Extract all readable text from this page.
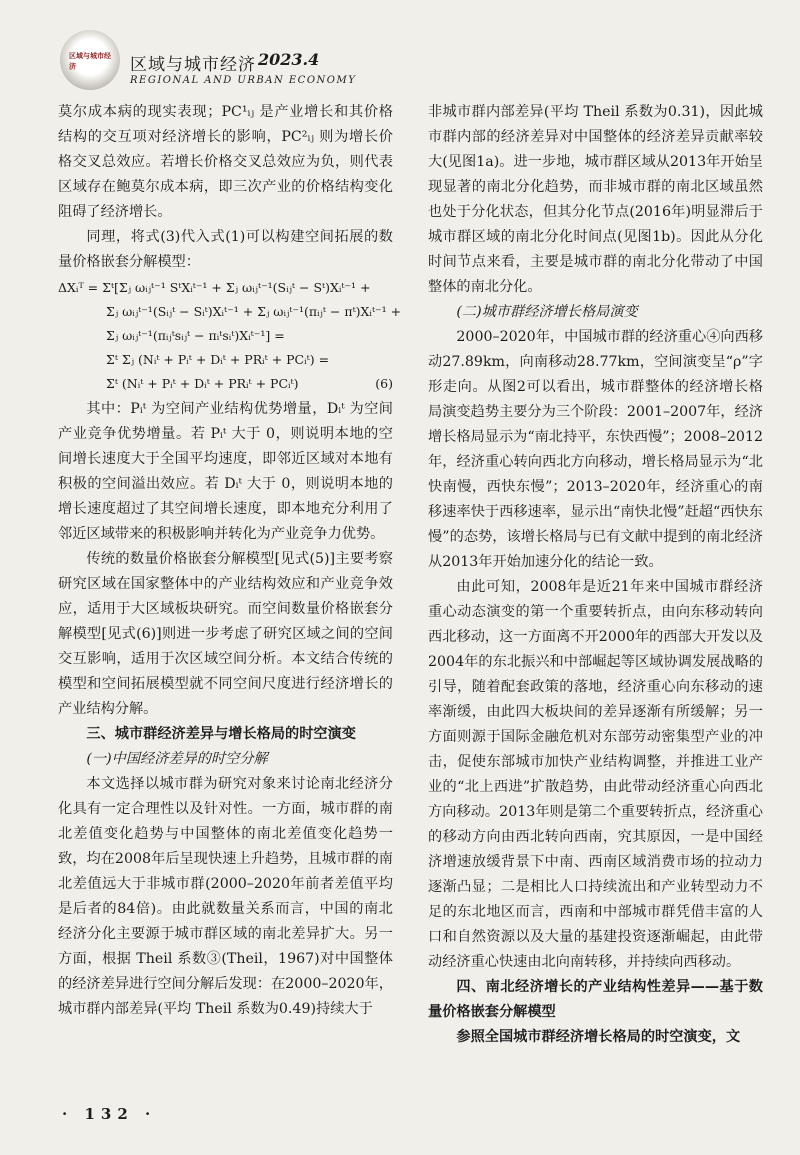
区域与城市经济	区域与城市经济 2023.4
REGIONAL AND URBAN ECONOMY

莫尔成本病的现实表现；PC¹ᵢⱼ 是产业增长和其价格结构的交互项对经济增长的影响，PC²ᵢⱼ 则为增长价格交叉总效应。若增长价格交叉总效应为负，则代表区域存在鲍莫尔成本病，即三次产业的价格结构变化阻碍了经济增长。

同理，将式(3)代入式(1)可以构建空间拓展的数量价格嵌套分解模型：

ΔXᵢᵀ = Σᵗ[Σⱼ ωᵢⱼᵗ⁻¹ SᵗXᵢᵗ⁻¹ + Σⱼ ωᵢⱼᵗ⁻¹(Sᵢⱼᵗ − Sᵗ)Xᵢᵗ⁻¹ +
Σⱼ ωᵢⱼᵗ⁻¹(Sᵢⱼᵗ − Sᵢᵗ)Xᵢᵗ⁻¹ + Σⱼ ωᵢⱼᵗ⁻¹(πᵢⱼᵗ − πᵗ)Xᵢᵗ⁻¹ +
Σⱼ ωᵢⱼᵗ⁻¹(πᵢⱼᵗsᵢⱼᵗ − πᵢᵗsᵢᵗ)Xᵢᵗ⁻¹] =
Σᵗ Σⱼ (Nᵢᵗ + Pᵢᵗ + Dᵢᵗ + PRᵢᵗ + PCᵢᵗ) =
Σᵗ (Nᵢᵗ + Pᵢᵗ + Dᵢᵗ + PRᵢᵗ + PCᵢᵗ)	(6)

其中：Pᵢᵗ 为空间产业结构优势增量，Dᵢᵗ 为空间产业竞争优势增量。若 Pᵢᵗ 大于 0，则说明本地的空间增长速度大于全国平均速度，即邻近区域对本地有积极的空间溢出效应。若 Dᵢᵗ 大于 0，则说明本地的增长速度超过了其空间增长速度，即本地充分利用了邻近区域带来的积极影响并转化为产业竞争力优势。

传统的数量价格嵌套分解模型[见式(5)]主要考察研究区域在国家整体中的产业结构效应和产业竞争效应，适用于大区域板块研究。而空间数量价格嵌套分解模型[见式(6)]则进一步考虑了研究区域之间的空间交互影响，适用于次区域空间分析。本文结合传统的模型和空间拓展模型就不同空间尺度进行经济增长的产业结构分解。

三、城市群经济差异与增长格局的时空演变

(一)中国经济差异的时空分解

本文选择以城市群为研究对象来讨论南北经济分化具有一定合理性以及针对性。一方面，城市群的南北差值变化趋势与中国整体的南北差值变化趋势一致，均在2008年后呈现快速上升趋势，且城市群的南北差值远大于非城市群(2000–2020年前者差值平均是后者的84倍)。由此就数量关系而言，中国的南北经济分化主要源于城市群区域的南北差异扩大。另一方面，根据 Theil 系数③(Theil，1967)对中国整体的经济差异进行空间分解后发现：在2000–2020年，城市群内部差异(平均 Theil 系数为0.49)持续大于

非城市群内部差异(平均 Theil 系数为0.31)，因此城市群内部的经济差异对中国整体的经济差异贡献率较大(见图1a)。进一步地，城市群区域从2013年开始呈现显著的南北分化趋势，而非城市群的南北区域虽然也处于分化状态，但其分化节点(2016年)明显滞后于城市群区域的南北分化时间点(见图1b)。因此从分化时间节点来看，主要是城市群的南北分化带动了中国整体的南北分化。

(二)城市群经济增长格局演变

2000–2020年，中国城市群的经济重心④向西移动27.89km，向南移动28.77km，空间演变呈“ρ”字形走向。从图2可以看出，城市群整体的经济增长格局演变趋势主要分为三个阶段：2001–2007年，经济增长格局显示为“南北持平，东快西慢”；2008–2012年，经济重心转向西北方向移动，增长格局显示为“北快南慢，西快东慢”；2013–2020年，经济重心的南移速率快于西移速率，显示出“南快北慢”赶超“西快东慢”的态势，该增长格局与已有文献中提到的南北经济从2013年开始加速分化的结论一致。

由此可知，2008年是近21年来中国城市群经济重心动态演变的第一个重要转折点，由向东移动转向西北移动，这一方面离不开2000年的西部大开发以及2004年的东北振兴和中部崛起等区域协调发展战略的引导，随着配套政策的落地，经济重心向东移动的速率渐缓，由此四大板块间的差异逐渐有所缓解；另一方面则源于国际金融危机对东部劳动密集型产业的冲击，促使东部城市加快产业结构调整，并推进工业产业的“北上西进”扩散趋势，由此带动经济重心向西北方向移动。2013年则是第二个重要转折点，经济重心的移动方向由西北转向西南，究其原因，一是中国经济增速放缓背景下中南、西南区域消费市场的拉动力逐渐凸显；二是相比人口持续流出和产业转型动力不足的东北地区而言，西南和中部城市群凭借丰富的人口和自然资源以及大量的基建投资逐渐崛起，由此带动经济重心快速由北向南转移，并持续向西移动。

四、南北经济增长的产业结构性差异——基于数量价格嵌套分解模型

参照全国城市群经济增长格局的时空演变，文

· 132 ·
